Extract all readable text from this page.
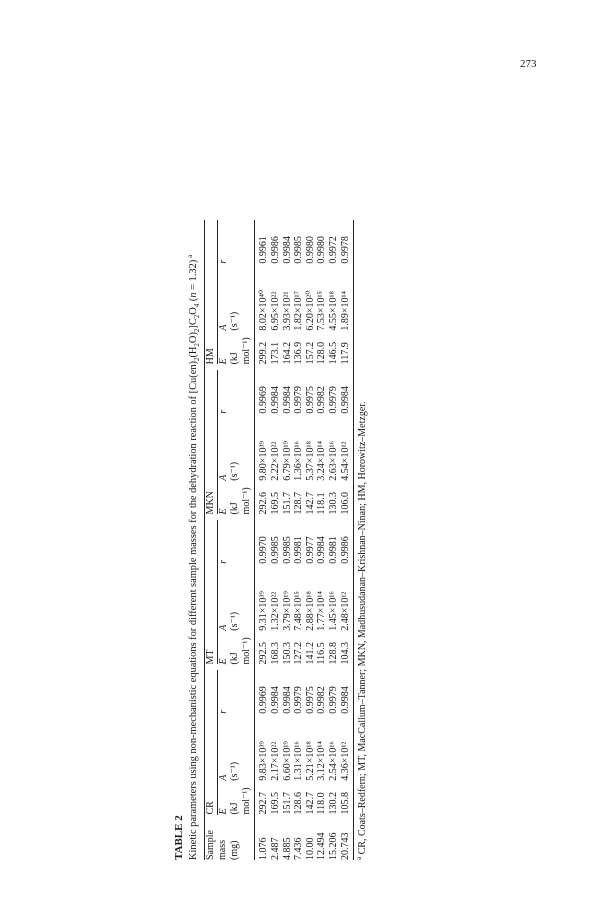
273
TABLE 2 Kinetic parameters using non-mechanistic equations for different sample masses for the dehydration reaction of $[Cu(en)_2(H_2O)_2]C_2O_4$ (n = 1.32) $^a$
Sample		CR				MT				MKN				HM		
mass		E	A	r		E	A	r		E	A	r		E	A	r
(mg)		(kJ	(s⁻¹)			(kJ	(s⁻¹)			(kJ	(s⁻¹)			(kJ	(s⁻¹)	
		mol⁻¹)				mol⁻¹)				mol⁻¹)				mol⁻¹)		
1.076		292.7	9.83×10³⁹	0.9969		292.5	9.31×10³⁹	0.9970		292.6	9.80×10³⁹	0.9969		299.2	8.02×10⁴⁰	0.9961
2.487		169.5	2.17×10²²	0.9984		168.3	1.32×10²²	0.9985		169.5	2.22×10²²	0.9984		173.1	6.95×10²²	0.9986
4.885		151.7	6.60×10¹⁹	0.9984		150.3	3.79×10¹⁹	0.9985		151.7	6.79×10¹⁹	0.9984		164.2	3.93×10²¹	0.9984
7.436		128.6	1.31×10¹⁶	0.9979		127.2	7.48×10¹⁵	0.9981		128.7	1.36×10¹⁶	0.9979		136.9	1.82×10¹⁷	0.9985
10.00		142.7	5.21×10¹⁸	0.9975		141.2	2.88×10¹⁸	0.9977		142.7	5.37×10¹⁸	0.9975		157.2	6.20×10²⁰	0.9980
12.494		118.0	3.12×10¹⁴	0.9982		116.5	1.77×10¹⁴	0.9984		118.1	3.24×10¹⁴	0.9982		128.0	7.53×10¹⁵	0.9980
15.206		130.2	2.54×10¹⁶	0.9979		128.8	1.45×10¹⁶	0.9981		130.3	2.63×10¹⁶	0.9979		146.5	4.55×10¹⁸	0.9972
20.743		105.8	4.36×10¹²	0.9984		104.3	2.48×10¹²	0.9986		106.0	4.54×10¹²	0.9984		117.9	1.89×10¹⁴	0.9978
$^a$ CR, Coats–Redfern; MT, MacCallum–Tanner; MKN, Madhusudanan–Krishnan–Ninan; HM, Horowitz–Metzger.
